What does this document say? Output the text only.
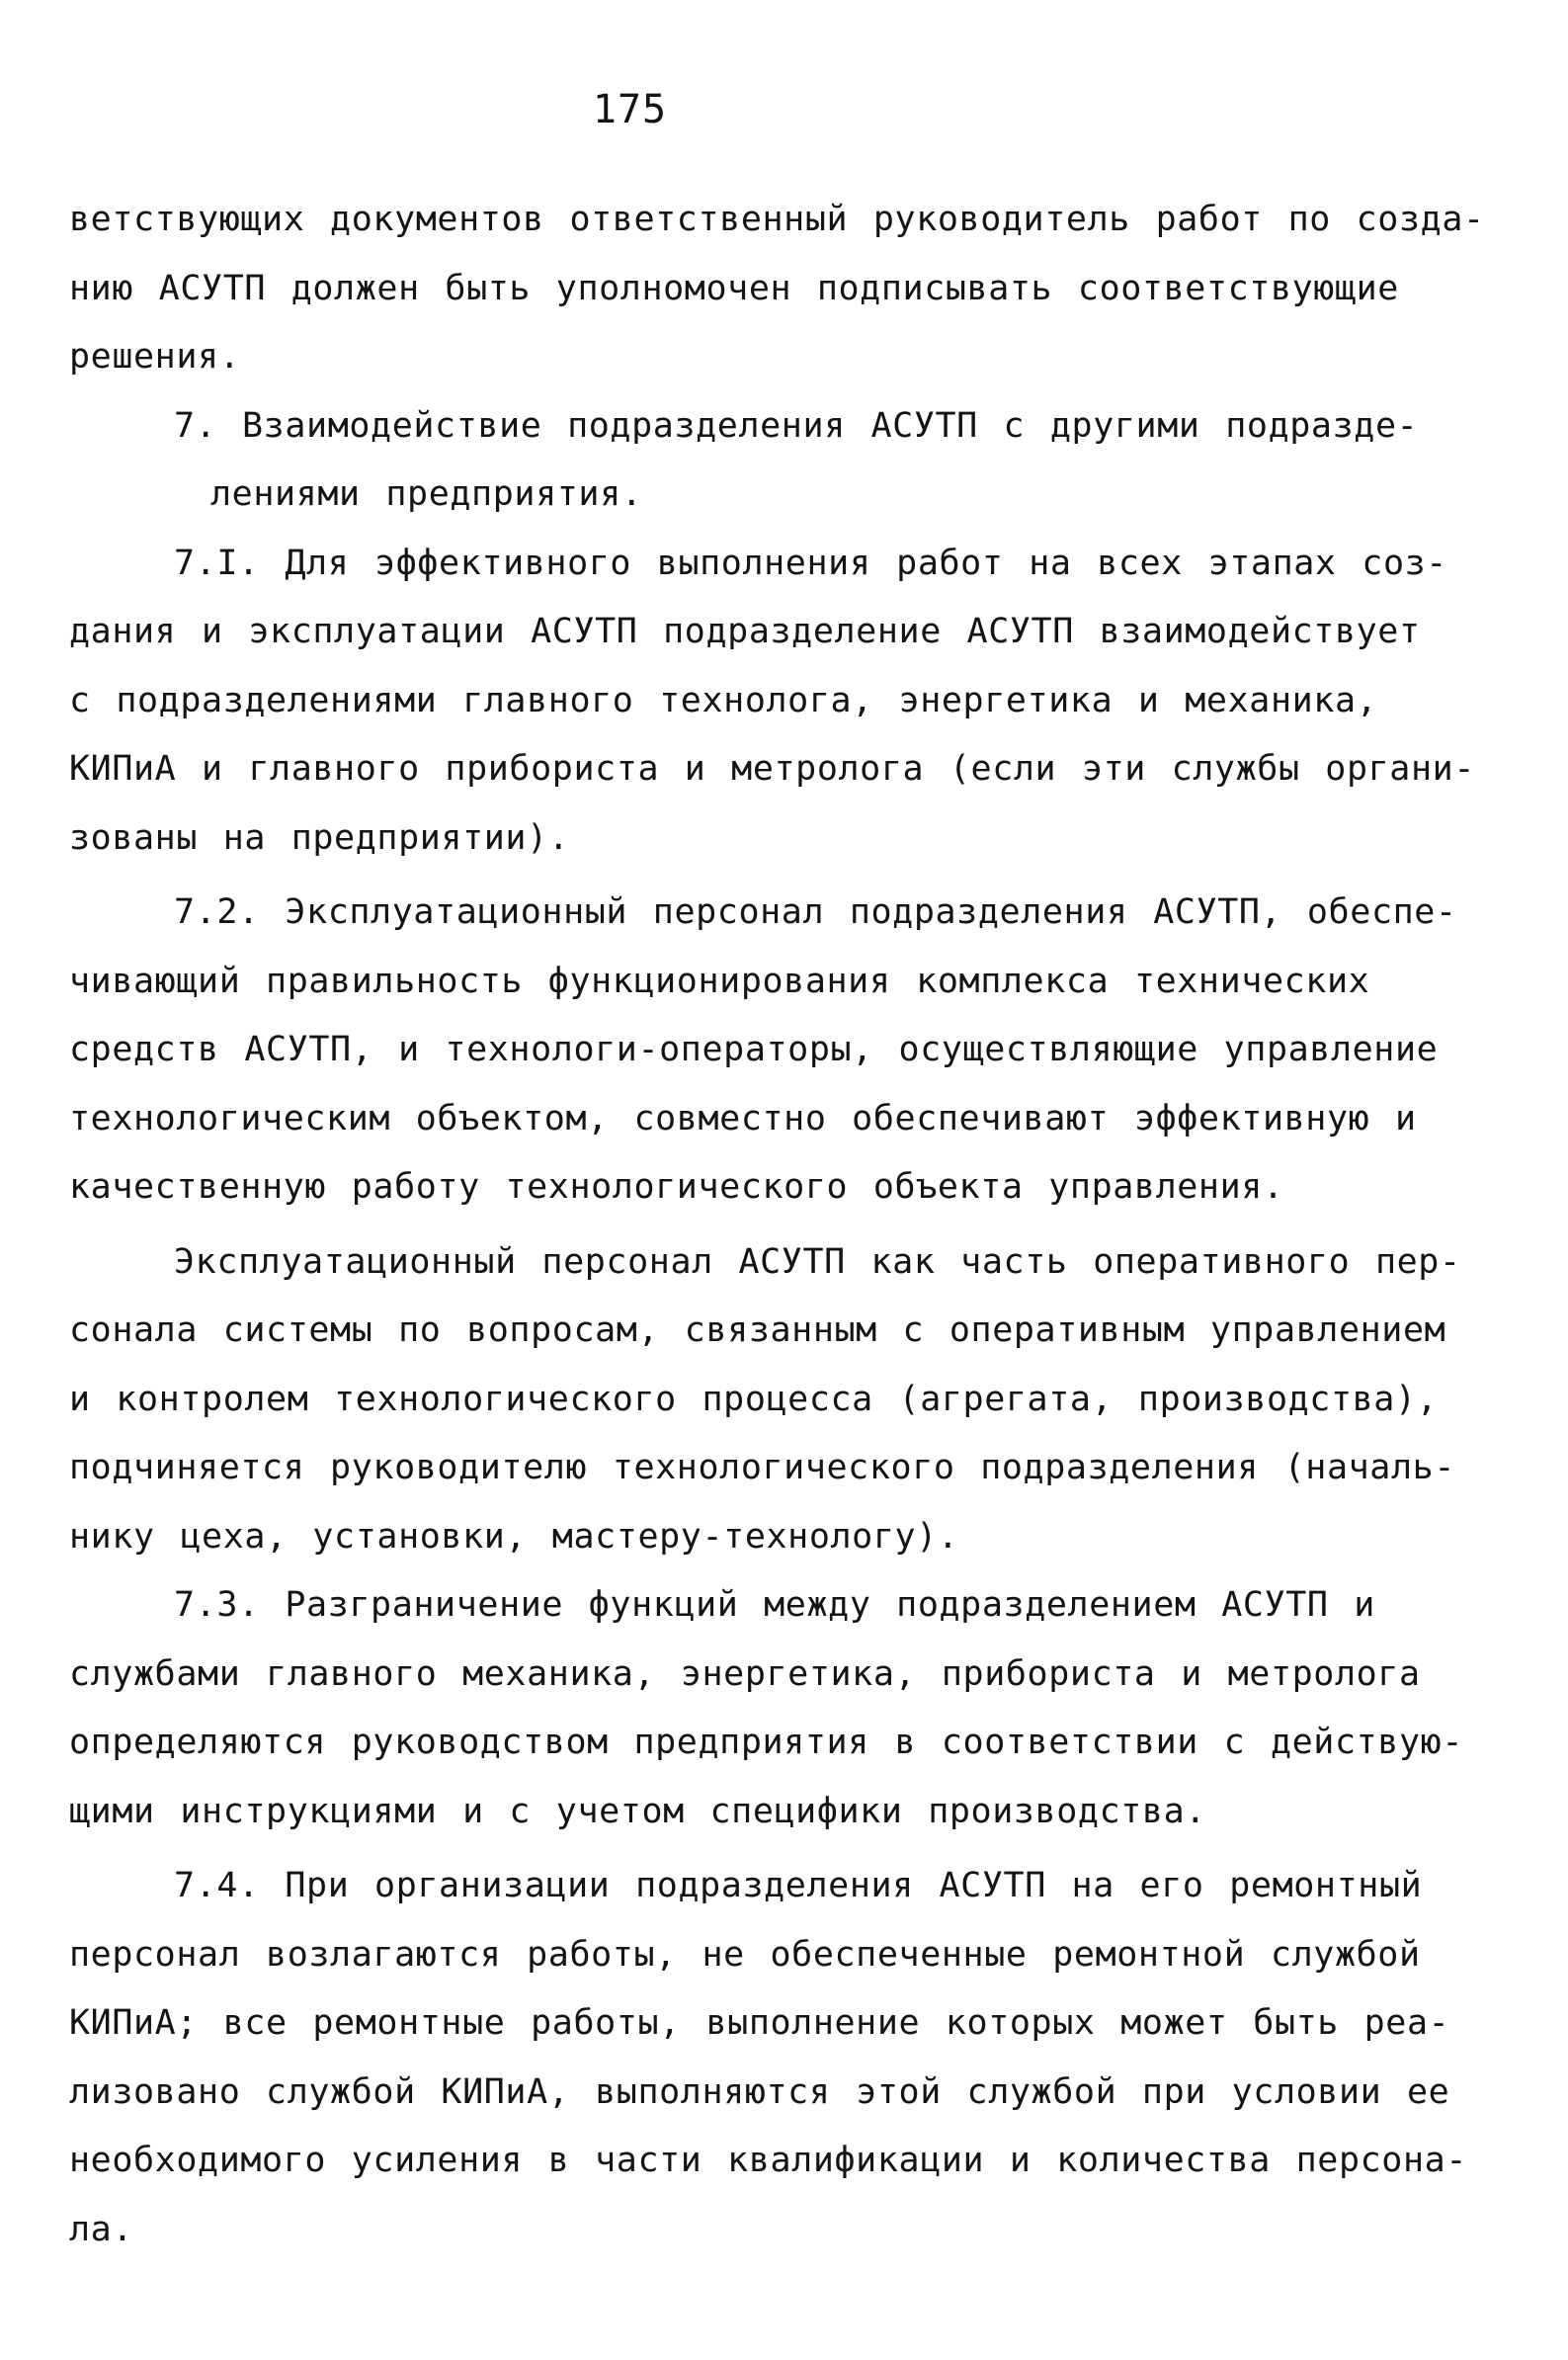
175
ветствующих документов ответственный руководитель работ по созда-
нию АСУТП должен быть уполномочен подписывать соответствующие
решения.
7. Взаимодействие подразделения АСУТП с другими подразде-
лениями предприятия.
7.I. Для эффективного выполнения работ на всех этапах соз-
дания и эксплуатации АСУТП подразделение АСУТП взаимодействует
с подразделениями главного технолога, энергетика и механика,
КИПиА и главного прибориста и метролога (если эти службы органи-
зованы на предприятии).
7.2. Эксплуатационный персонал подразделения АСУТП, обеспе-
чивающий правильность функционирования комплекса технических
средств АСУТП, и технологи-операторы, осуществляющие управление
технологическим объектом, совместно обеспечивают эффективную и
качественную работу технологического объекта управления.
Эксплуатационный персонал АСУТП как часть оперативного пер-
сонала системы по вопросам, связанным с оперативным управлением
и контролем технологического процесса (агрегата, производства),
подчиняется руководителю технологического подразделения (началь-
нику цеха, установки, мастеру-технологу).
7.3. Разграничение функций между подразделением АСУТП и
службами главного механика, энергетика, прибориста и метролога
определяются руководством предприятия в соответствии с действую-
щими инструкциями и с учетом специфики производства.
7.4. При организации подразделения АСУТП на его ремонтный
персонал возлагаются работы, не обеспеченные ремонтной службой
КИПиА; все ремонтные работы, выполнение которых может быть реа-
лизовано службой КИПиА, выполняются этой службой при условии ее
необходимого усиления в части квалификации и количества персона-
ла.
